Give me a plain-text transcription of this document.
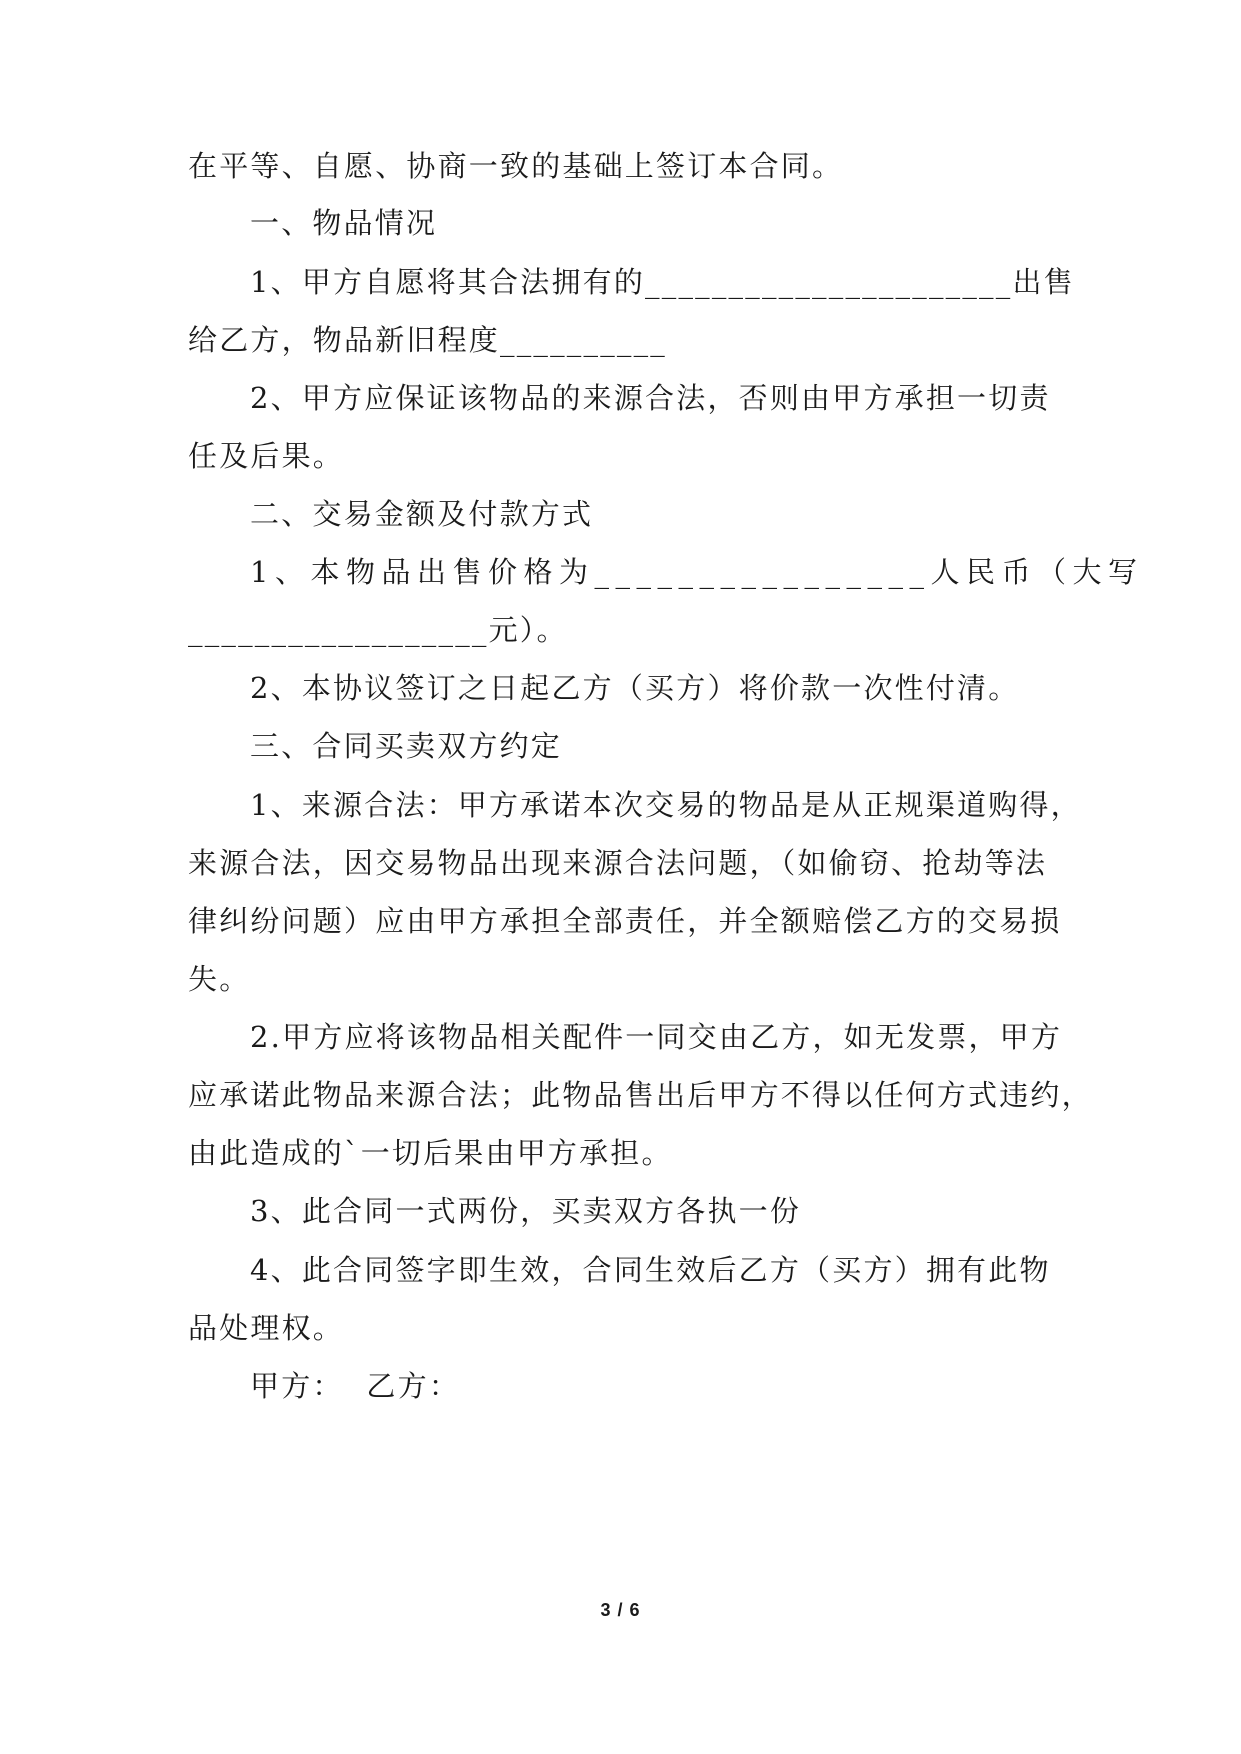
在平等、自愿、协商一致的基础上签订本合同。
一、物品情况
1、甲方自愿将其合法拥有的______________________出售
给乙方，物品新旧程度__________
2、甲方应保证该物品的来源合法，否则由甲方承担一切责
任及后果。
二、交易金额及付款方式
1、本物品出售价格为________________人民币（大写
__________________元）。
2、本协议签订之日起乙方（买方）将价款一次性付清。
三、合同买卖双方约定
1、来源合法：甲方承诺本次交易的物品是从正规渠道购得，
来源合法，因交易物品出现来源合法问题，（如偷窃、抢劫等法
律纠纷问题）应由甲方承担全部责任，并全额赔偿乙方的交易损
失。
2.甲方应将该物品相关配件一同交由乙方，如无发票，甲方
应承诺此物品来源合法；此物品售出后甲方不得以任何方式违约，
由此造成的`一切后果由甲方承担。
3、此合同一式两份，买卖双方各执一份
4、此合同签字即生效，合同生效后乙方（买方）拥有此物
品处理权。
甲方：  乙方：
3 / 6
